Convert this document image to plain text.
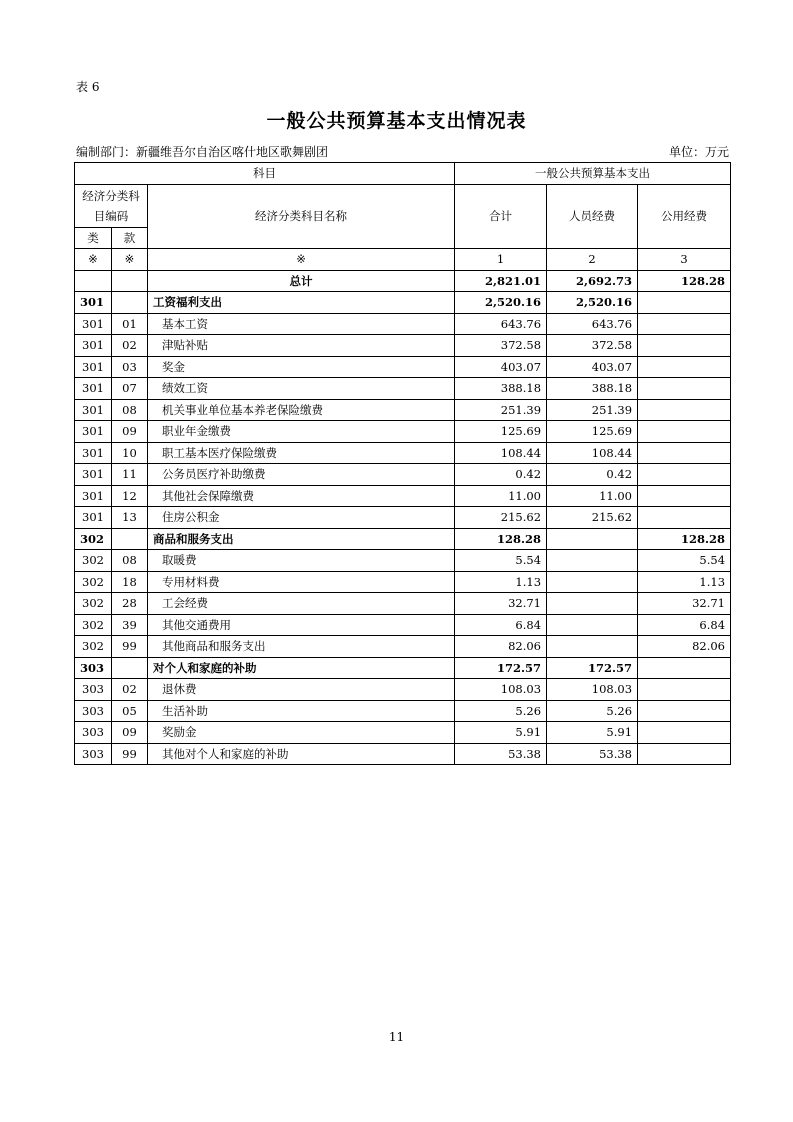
表 6
一般公共预算基本支出情况表
编制部门：新疆维吾尔自治区喀什地区歌舞剧团	单位：万元
科目			一般公共预算基本支出		
经济分类科目编码		经济分类科目名称	合计	人员经费	公用经费
类	款				
※	※	※	1	2	3
		总计	2,821.01	2,692.73	128.28
301		工资福利支出	2,520.16	2,520.16	
301	01	基本工资	643.76	643.76	
301	02	津贴补贴	372.58	372.58	
301	03	奖金	403.07	403.07	
301	07	绩效工资	388.18	388.18	
301	08	机关事业单位基本养老保险缴费	251.39	251.39	
301	09	职业年金缴费	125.69	125.69	
301	10	职工基本医疗保险缴费	108.44	108.44	
301	11	公务员医疗补助缴费	0.42	0.42	
301	12	其他社会保障缴费	11.00	11.00	
301	13	住房公积金	215.62	215.62	
302		商品和服务支出	128.28		128.28
302	08	取暖费	5.54		5.54
302	18	专用材料费	1.13		1.13
302	28	工会经费	32.71		32.71
302	39	其他交通费用	6.84		6.84
302	99	其他商品和服务支出	82.06		82.06
303		对个人和家庭的补助	172.57	172.57	
303	02	退休费	108.03	108.03	
303	05	生活补助	5.26	5.26	
303	09	奖励金	5.91	5.91	
303	99	其他对个人和家庭的补助	53.38	53.38	
11
